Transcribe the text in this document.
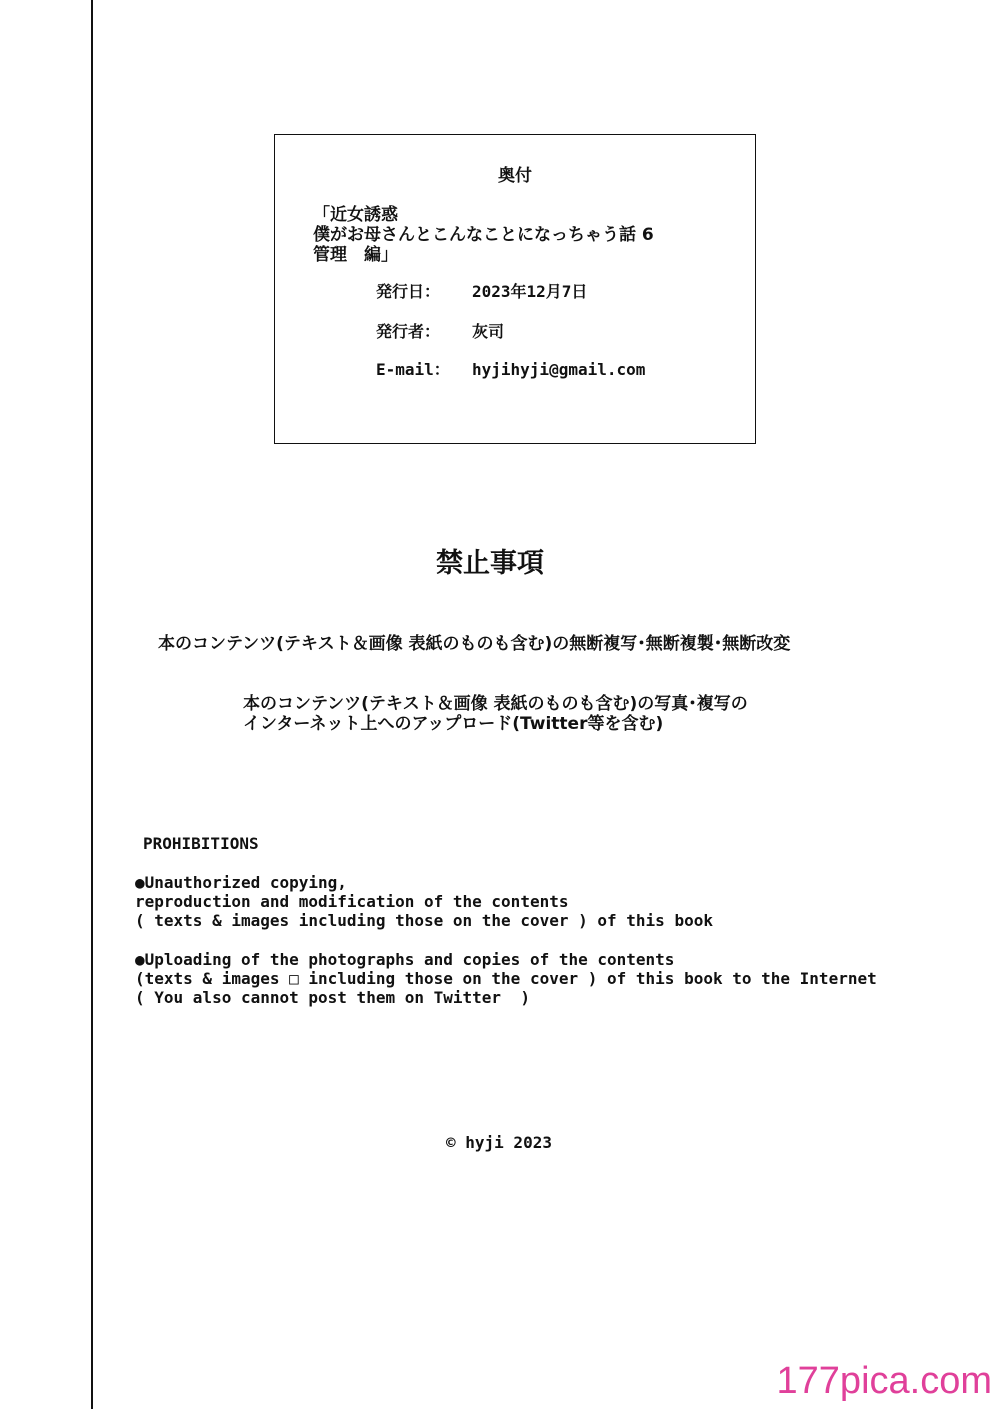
奥付
「近女誘惑
僕がお母さんとこんなことになっちゃう話 6
管理　編」
発行日： 2023年12月7日
発行者： 灰司
E-mail： hyjihyji@gmail.com
禁止事項
本のコンテンツ(テキスト＆画像 表紙のものも含む)の無断複写･無断複製･無断改変
本のコンテンツ(テキスト＆画像 表紙のものも含む)の写真･複写の
インターネット上へのアップロード(Twitter等を含む)
PROHIBITIONS
●Unauthorized copying,
reproduction and modification of the contents
( texts & images including those on the cover ) of this book
●Uploading of the photographs and copies of the contents
(texts & images □ including those on the cover ) of this book to the Internet
( You also cannot post them on Twitter  )
© hyji 2023
177pica.com
